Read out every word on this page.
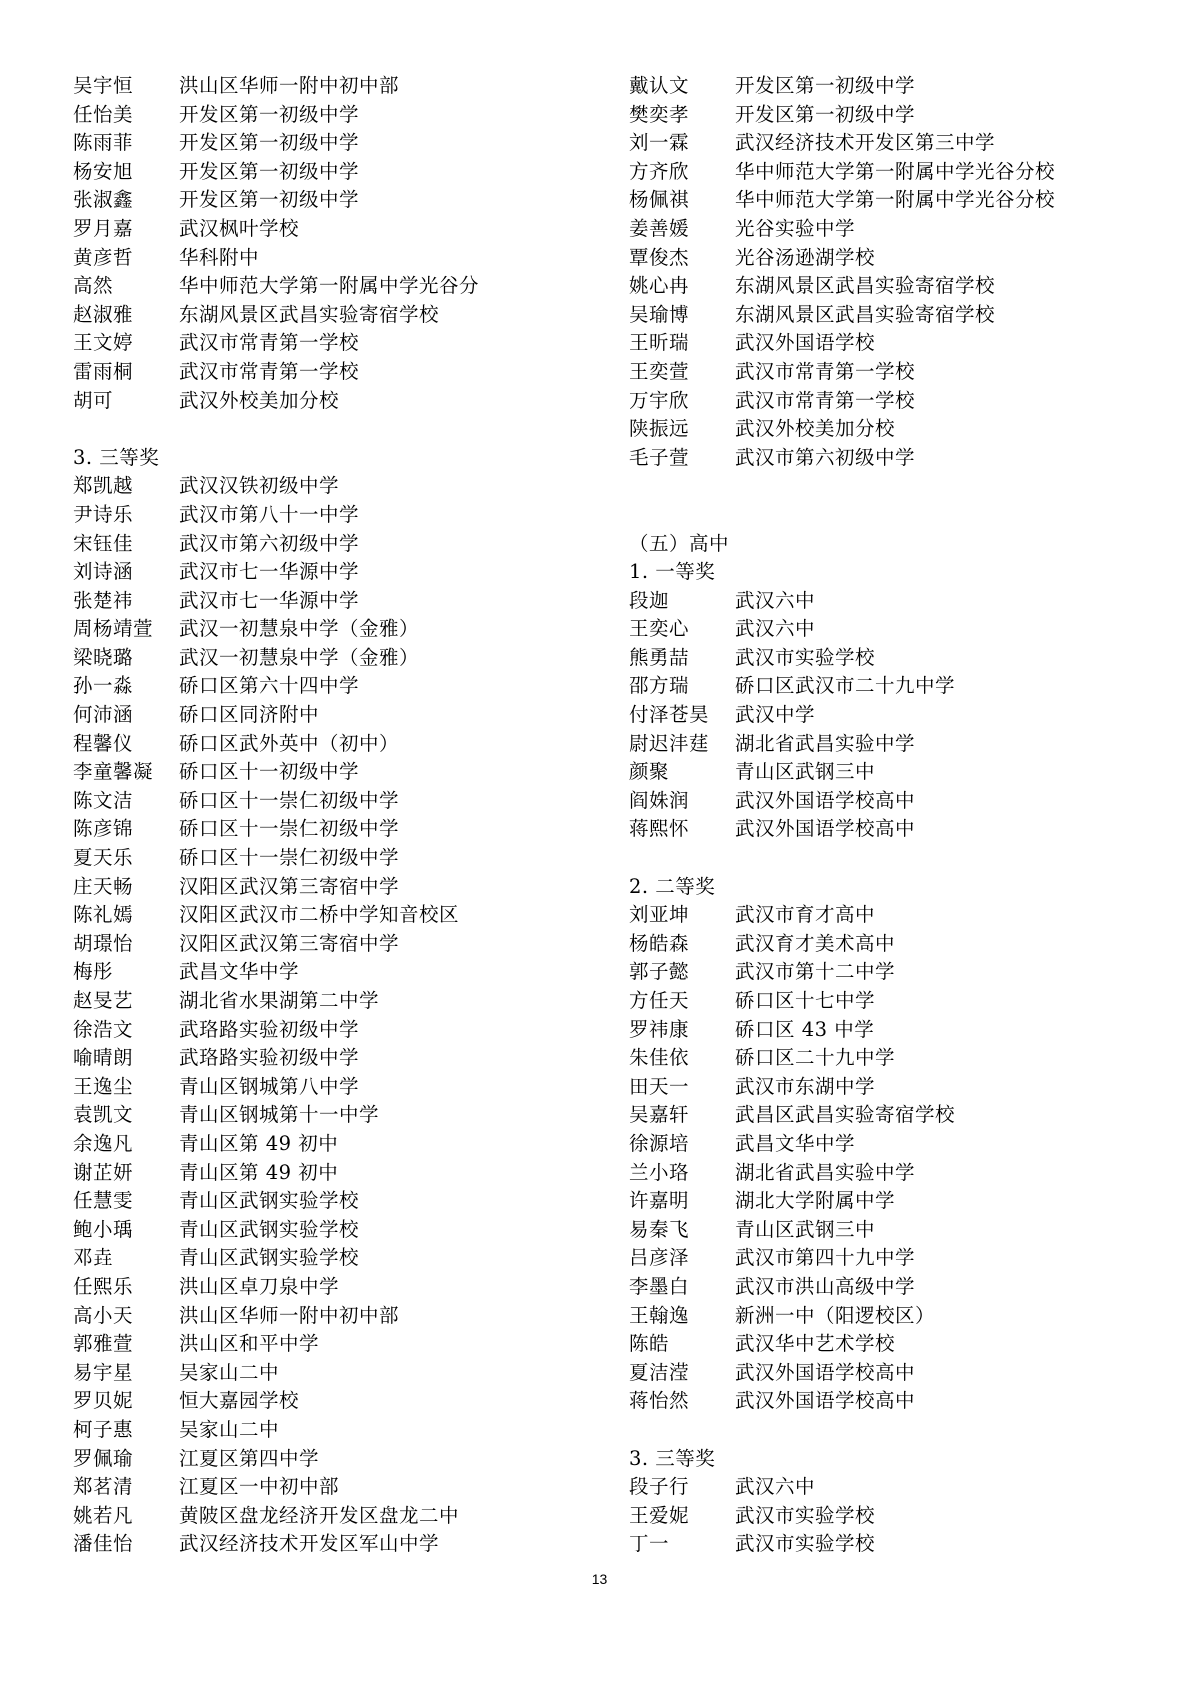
吴宇恒 洪山区华师一附中初中部
任怡美 开发区第一初级中学
陈雨菲 开发区第一初级中学
杨安旭 开发区第一初级中学
张淑鑫 开发区第一初级中学
罗月嘉 武汉枫叶学校
黄彦哲 华科附中
高然	华中师范大学第一附属中学光谷分
赵淑雅 东湖风景区武昌实验寄宿学校
王文婷 武汉市常青第一学校
雷雨桐 武汉市常青第一学校
胡可	武汉外校美加分校
3. 三等奖
郑凯越 武汉汉铁初级中学
尹诗乐 武汉市第八十一中学
宋钰佳 武汉市第六初级中学
刘诗涵 武汉市七一华源中学
张楚祎 武汉市七一华源中学
周杨靖萱 武汉一初慧泉中学（金雅）
梁晓璐 武汉一初慧泉中学（金雅）
孙一淼 硚口区第六十四中学
何沛涵 硚口区同济附中
程馨仪 硚口区武外英中（初中）
李童馨凝 硚口区十一初级中学
陈文洁 硚口区十一崇仁初级中学
陈彦锦 硚口区十一崇仁初级中学
夏天乐 硚口区十一崇仁初级中学
庄天畅 汉阳区武汉第三寄宿中学
陈礼嫣 汉阳区武汉市二桥中学知音校区
胡璟怡 汉阳区武汉第三寄宿中学
梅彤	武昌文华中学
赵旻艺 湖北省水果湖第二中学
徐浩文 武珞路实验初级中学
喻晴朗 武珞路实验初级中学
王逸尘 青山区钢城第八中学
袁凯文 青山区钢城第十一中学
余逸凡 青山区第 49 初中
谢芷妍 青山区第 49 初中
任慧雯 青山区武钢实验学校
鲍小瑀 青山区武钢实验学校
邓垚	青山区武钢实验学校
任熙乐 洪山区卓刀泉中学
高小天 洪山区华师一附中初中部
郭雅萱 洪山区和平中学
易宇星 吴家山二中
罗贝妮 恒大嘉园学校
柯子惠 吴家山二中
罗佩瑜 江夏区第四中学
郑茗清 江夏区一中初中部
姚若凡 黄陂区盘龙经济开发区盘龙二中
潘佳怡 武汉经济技术开发区军山中学
戴认文 开发区第一初级中学
樊奕孝 开发区第一初级中学
刘一霖 武汉经济技术开发区第三中学
方齐欣 华中师范大学第一附属中学光谷分校
杨佩祺 华中师范大学第一附属中学光谷分校
姜善媛 光谷实验中学
覃俊杰 光谷汤逊湖学校
姚心冉 东湖风景区武昌实验寄宿学校
吴瑜博 东湖风景区武昌实验寄宿学校
王昕瑞 武汉外国语学校
王奕萱 武汉市常青第一学校
万宇欣 武汉市常青第一学校
陕振远 武汉外校美加分校
毛子萱 武汉市第六初级中学
（五）高中
1. 一等奖
段迦	武汉六中
王奕心 武汉六中
熊勇喆 武汉市实验学校
邵方瑞 硚口区武汉市二十九中学
付泽苍昊 武汉中学
尉迟沣莛 湖北省武昌实验中学
颜聚	青山区武钢三中
阎姝润 武汉外国语学校高中
蒋熙怀 武汉外国语学校高中
2. 二等奖
刘亚坤 武汉市育才高中
杨皓森 武汉育才美术高中
郭子懿 武汉市第十二中学
方任天 硚口区十七中学
罗祎康 硚口区 43 中学
朱佳依 硚口区二十九中学
田天一 武汉市东湖中学
吴嘉轩 武昌区武昌实验寄宿学校
徐源培 武昌文华中学
兰小珞 湖北省武昌实验中学
许嘉明 湖北大学附属中学
易秦飞 青山区武钢三中
吕彦泽 武汉市第四十九中学
李墨白 武汉市洪山高级中学
王翰逸 新洲一中（阳逻校区）
陈皓	武汉华中艺术学校
夏洁滢 武汉外国语学校高中
蒋怡然 武汉外国语学校高中
3. 三等奖
段子行 武汉六中
王爱妮 武汉市实验学校
丁一	武汉市实验学校
13
